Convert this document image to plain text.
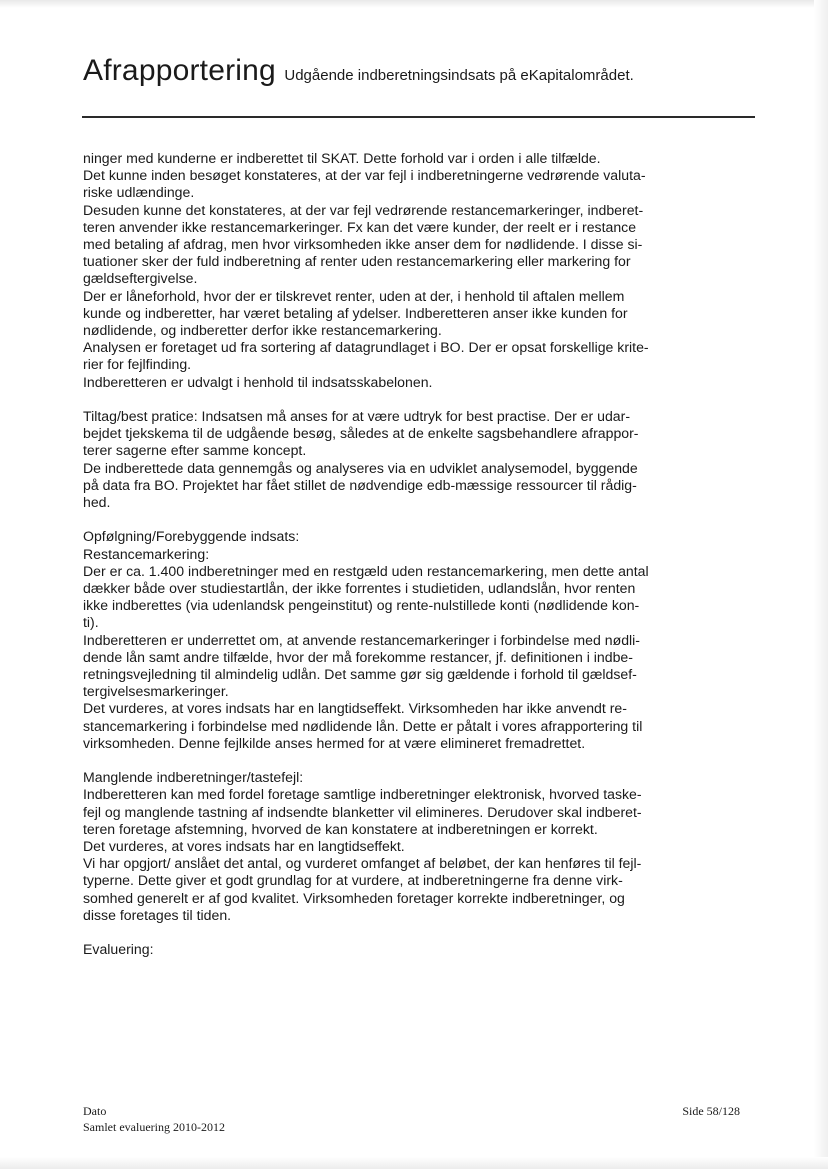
Afrapportering Udgående indberetningsindsats på eKapitalområdet.
ninger med kunderne er indberettet til SKAT. Dette forhold var i orden i alle tilfælde.
Det kunne inden besøget konstateres, at der var fejl i indberetningerne vedrørende valuta-
riske udlændinge.
Desuden kunne det konstateres, at der var fejl vedrørende restancemarkeringer, indberet-
teren anvender ikke restancemarkeringer. Fx kan det være kunder, der reelt er i restance
med betaling af afdrag, men hvor virksomheden ikke anser dem for nødlidende. I disse si-
tuationer sker der fuld indberetning af renter uden restancemarkering eller markering for
gældseftergivelse.
Der er låneforhold, hvor der er tilskrevet renter, uden at der, i henhold til aftalen mellem
kunde og indberetter, har været betaling af ydelser. Indberetteren anser ikke kunden for
nødlidende, og indberetter derfor ikke restancemarkering.
Analysen er foretaget ud fra sortering af datagrundlaget i BO. Der er opsat forskellige krite-
rier for fejlfinding.
Indberetteren er udvalgt i henhold til indsatsskabelonen.
Tiltag/best pratice: Indsatsen må anses for at være udtryk for best practise. Der er udar-
bejdet tjekskema til de udgående besøg, således at de enkelte sagsbehandlere afrappor-
terer sagerne efter samme koncept.
De indberettede data gennemgås og analyseres via en udviklet analysemodel, byggende
på data fra BO. Projektet har fået stillet de nødvendige edb-mæssige ressourcer til rådig-
hed.
Opfølgning/Forebyggende indsats:
Restancemarkering:
Der er ca. 1.400 indberetninger med en restgæld uden restancemarkering, men dette antal
dækker både over studiestartlån, der ikke forrentes i studietiden, udlandslån, hvor renten
ikke indberettes (via udenlandsk pengeinstitut) og rente-nulstillede konti (nødlidende kon-
ti).
Indberetteren er underrettet om, at anvende restancemarkeringer i forbindelse med nødli-
dende lån samt andre tilfælde, hvor der må forekomme restancer, jf. definitionen i indbe-
retningsvejledning til almindelig udlån. Det samme gør sig gældende i forhold til gældsef-
tergivelsesmarkeringer.
Det vurderes, at vores indsats har en langtidseffekt. Virksomheden har ikke anvendt re-
stancemarkering i forbindelse med nødlidende lån. Dette er påtalt i vores afrapportering til
virksomheden. Denne fejlkilde anses hermed for at være elimineret fremadrettet.
Manglende indberetninger/tastefejl:
Indberetteren kan med fordel foretage samtlige indberetninger elektronisk, hvorved taske-
fejl og manglende tastning af indsendte blanketter vil elimineres. Derudover skal indberet-
teren foretage afstemning, hvorved de kan konstatere at indberetningen er korrekt.
Det vurderes, at vores indsats har en langtidseffekt.
Vi har opgjort/ anslået det antal, og vurderet omfanget af beløbet, der kan henføres til fejl-
typerne. Dette giver et godt grundlag for at vurdere, at indberetningerne fra denne virk-
somhed generelt er af god kvalitet. Virksomheden foretager korrekte indberetninger, og
disse foretages til tiden.
Evaluering:
Dato
Samlet evaluering 2010-2012
Side 58/128
